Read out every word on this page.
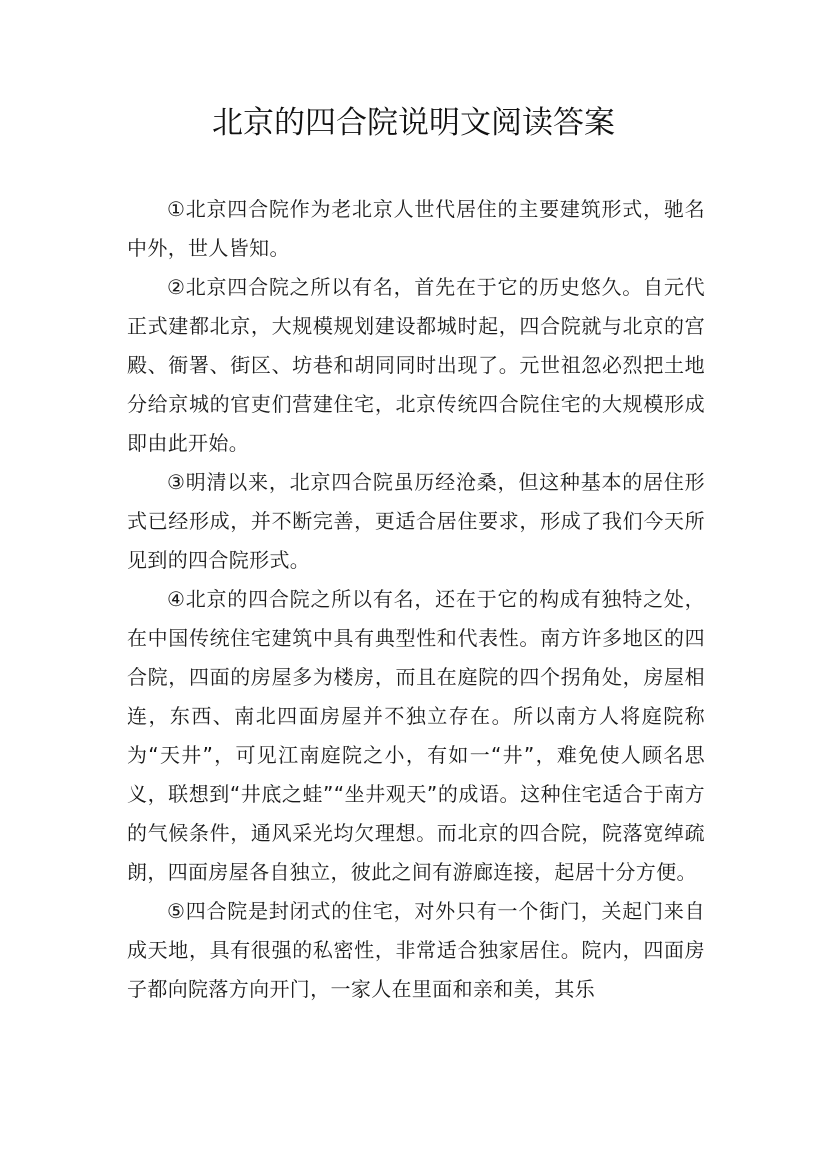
北京的四合院说明文阅读答案

①北京四合院作为老北京人世代居住的主要建筑形式，驰名中外，世人皆知。

②北京四合院之所以有名，首先在于它的历史悠久。自元代正式建都北京，大规模规划建设都城时起，四合院就与北京的宫殿、衙署、街区、坊巷和胡同同时出现了。元世祖忽必烈把土地分给京城的官吏们营建住宅，北京传统四合院住宅的大规模形成即由此开始。

③明清以来，北京四合院虽历经沧桑，但这种基本的居住形式已经形成，并不断完善，更适合居住要求，形成了我们今天所见到的四合院形式。

④北京的四合院之所以有名，还在于它的构成有独特之处，在中国传统住宅建筑中具有典型性和代表性。南方许多地区的四合院，四面的房屋多为楼房，而且在庭院的四个拐角处，房屋相连，东西、南北四面房屋并不独立存在。所以南方人将庭院称为“天井”，可见江南庭院之小，有如一“井”，难免使人顾名思义，联想到“井底之蛙”“坐井观天”的成语。这种住宅适合于南方的气候条件，通风采光均欠理想。而北京的四合院，院落宽绰疏朗，四面房屋各自独立，彼此之间有游廊连接，起居十分方便。

⑤四合院是封闭式的住宅，对外只有一个街门，关起门来自成天地，具有很强的私密性，非常适合独家居住。院内，四面房子都向院落方向开门，一家人在里面和亲和美，其乐
